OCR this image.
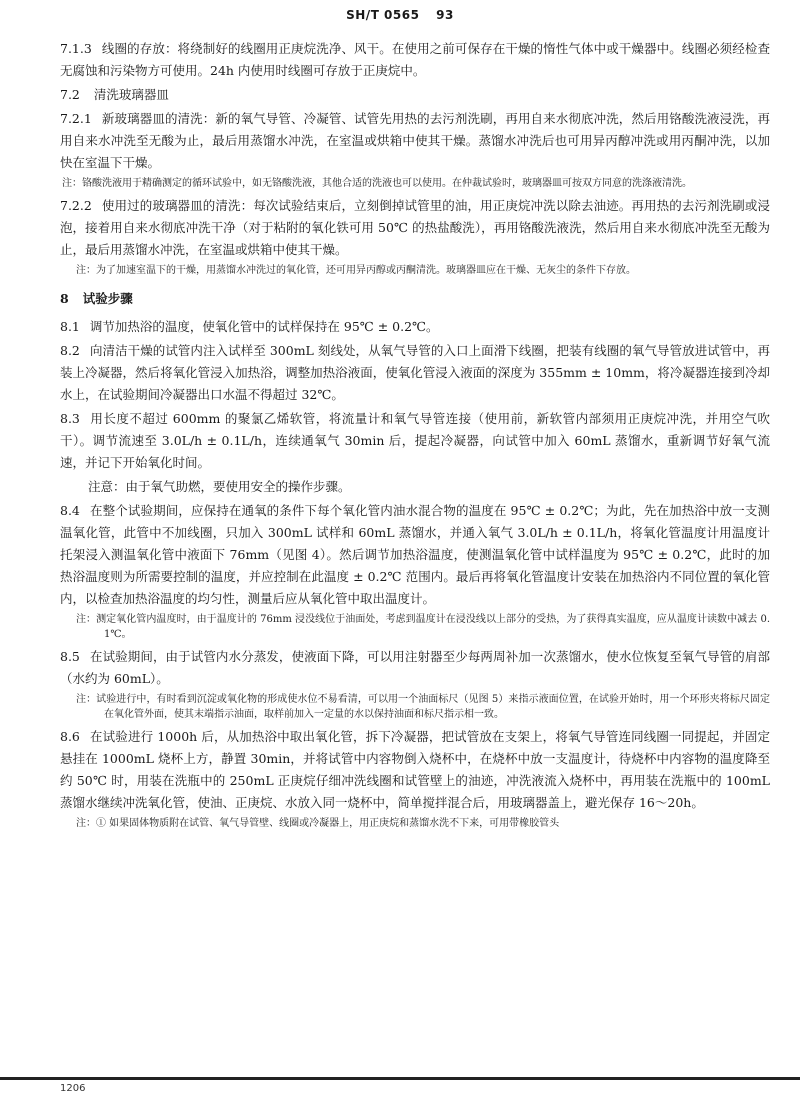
SH/T 0565 93

7.1.3 线圈的存放：将绕制好的线圈用正庚烷洗净、风干。在使用之前可保存在干燥的惰性气体中或干燥器中。线圈必须经检查无腐蚀和污染物方可使用。24h 内使用时线圈可存放于正庚烷中。

7.2 清洗玻璃器皿

7.2.1 新玻璃器皿的清洗：新的氧气导管、冷凝管、试管先用热的去污剂洗刷，再用自来水彻底冲洗，然后用铬酸洗液浸洗，再用自来水冲洗至无酸为止，最后用蒸馏水冲洗，在室温或烘箱中使其干燥。蒸馏水冲洗后也可用异丙醇冲洗或用丙酮冲洗，以加快在室温下干燥。

注：铬酸洗液用于精确测定的循环试验中，如无铬酸洗液，其他合适的洗液也可以使用。在仲裁试验时，玻璃器皿可按双方同意的洗涤液清洗。

7.2.2 使用过的玻璃器皿的清洗：每次试验结束后，立刻倒掉试管里的油，用正庚烷冲洗以除去油迹。再用热的去污剂洗刷或浸泡，接着用自来水彻底冲洗干净（对于粘附的氧化铁可用 50℃ 的热盐酸洗），再用铬酸洗液洗，然后用自来水彻底冲洗至无酸为止，最后用蒸馏水冲洗，在室温或烘箱中使其干燥。

注：为了加速室温下的干燥，用蒸馏水冲洗过的氧化管，还可用异丙醇或丙酮清洗。玻璃器皿应在干燥、无灰尘的条件下存放。

8 试验步骤

8.1 调节加热浴的温度，使氧化管中的试样保持在 95℃ ± 0.2℃。

8.2 向清洁干燥的试管内注入试样至 300mL 刻线处，从氧气导管的入口上面滑下线圈，把装有线圈的氧气导管放进试管中，再装上冷凝器，然后将氧化管浸入加热浴，调整加热浴液面，使氧化管浸入液面的深度为 355mm ± 10mm，将冷凝器连接到冷却水上，在试验期间冷凝器出口水温不得超过 32℃。

8.3 用长度不超过 600mm 的聚氯乙烯软管，将流量计和氧气导管连接（使用前，新软管内部须用正庚烷冲洗，并用空气吹干）。调节流速至 3.0L/h ± 0.1L/h，连续通氧气 30min 后，提起冷凝器，向试管中加入 60mL 蒸馏水，重新调节好氧气流速，并记下开始氧化时间。

注意：由于氧气助燃，要使用安全的操作步骤。

8.4 在整个试验期间，应保持在通氧的条件下每个氧化管内油水混合物的温度在 95℃ ± 0.2℃；为此，先在加热浴中放一支测温氧化管，此管中不加线圈，只加入 300mL 试样和 60mL 蒸馏水，并通入氧气 3.0L/h ± 0.1L/h，将氧化管温度计用温度计托架浸入测温氧化管中液面下 76mm（见图 4）。然后调节加热浴温度，使测温氧化管中试样温度为 95℃ ± 0.2℃，此时的加热浴温度则为所需要控制的温度，并应控制在此温度 ± 0.2℃ 范围内。最后再将氧化管温度计安装在加热浴内不同位置的氧化管内，以检查加热浴温度的均匀性，测量后应从氧化管中取出温度计。

注：测定氧化管内温度时，由于温度计的 76mm 浸没线位于油面处，考虑到温度计在浸没线以上部分的受热，为了获得真实温度，应从温度计读数中减去 0.1℃。

8.5 在试验期间，由于试管内水分蒸发，使液面下降，可以用注射器至少每两周补加一次蒸馏水，使水位恢复至氧气导管的肩部（水约为 60mL）。

注：试验进行中，有时看到沉淀或氧化物的形成使水位不易看清，可以用一个油面标尺（见图 5）来指示液面位置，在试验开始时，用一个环形夹将标尺固定在氧化管外面，使其末端指示油面，取样前加入一定量的水以保持油面和标尺指示相一致。

8.6 在试验进行 1000h 后，从加热浴中取出氧化管，拆下冷凝器，把试管放在支架上，将氧气导管连同线圈一同提起，并固定悬挂在 1000mL 烧杯上方，静置 30min，并将试管中内容物倒入烧杯中，在烧杯中放一支温度计，待烧杯中内容物的温度降至约 50℃ 时，用装在洗瓶中的 250mL 正庚烷仔细冲洗线圈和试管壁上的油迹，冲洗液流入烧杯中，再用装在洗瓶中的 100mL 蒸馏水继续冲洗氧化管，使油、正庚烷、水放入同一烧杯中，简单搅拌混合后，用玻璃器盖上，避光保存 16～20h。

注：① 如果固体物质附在试管、氧气导管壁、线圈或冷凝器上，用正庚烷和蒸馏水洗不下来，可用带橡胶管头

1206
